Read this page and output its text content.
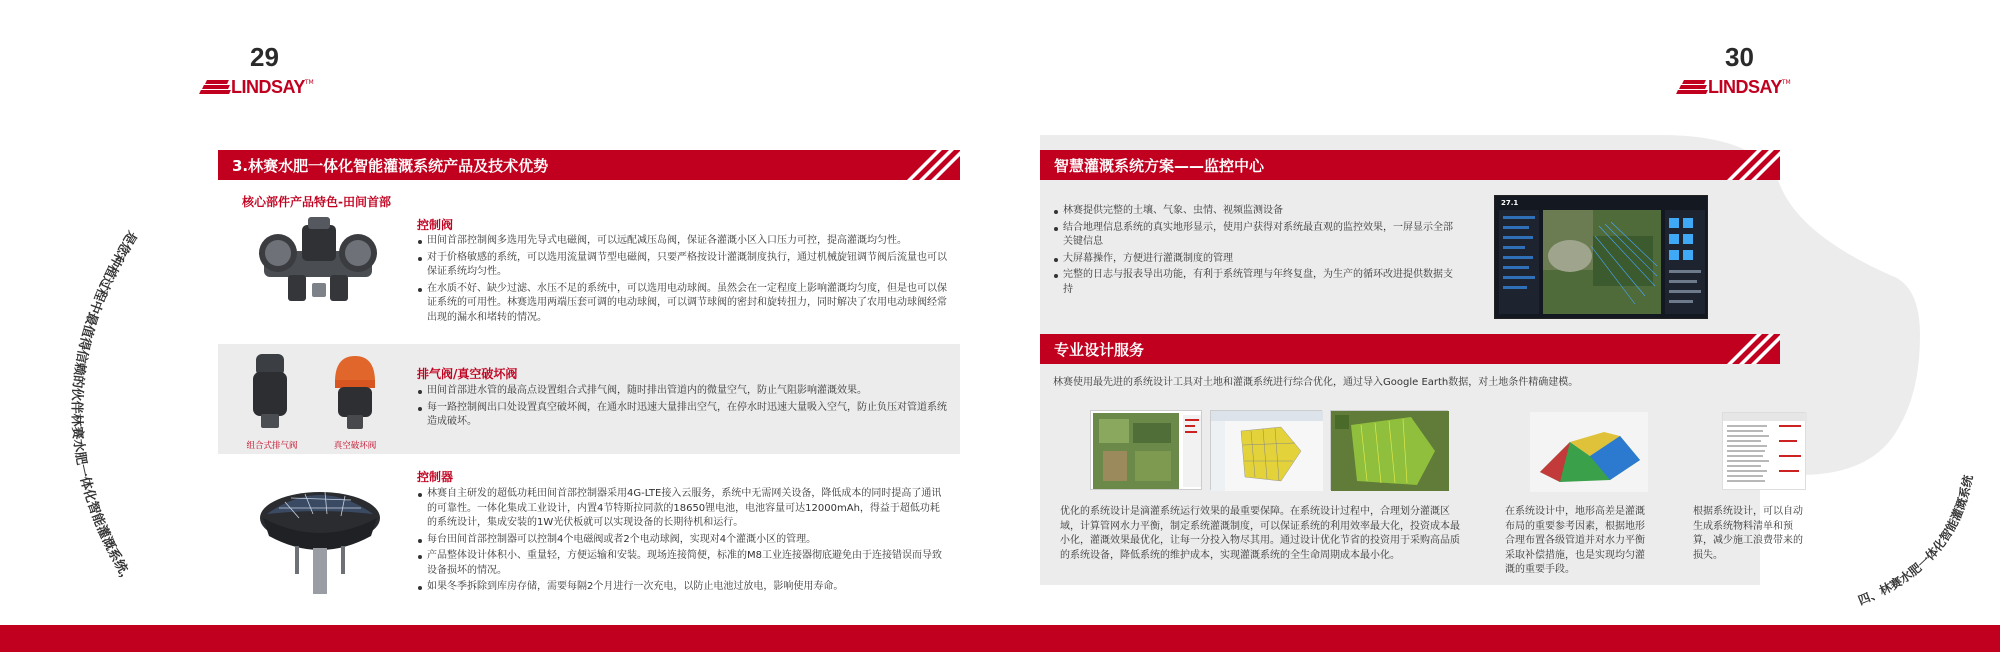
29
LINDSAY TM
是您种植过程中最值得信赖的伙伴林赛水肥一体化智能灌溉系统，
3.林赛水肥一体化智能灌溉系统产品及技术优势
核心部件产品特色-田间首部
控制阀
田间首部控制阀多选用先导式电磁阀，可以远配减压岛阀，保证各灌溉小区入口压力可控，提高灌溉均匀性。
对于价格敏感的系统，可以选用流量调节型电磁阀，只要严格按设计灌溉制度执行，通过机械旋钮调节阀后流量也可以保证系统均匀性。
在水质不好、缺少过滤、水压不足的系统中，可以选用电动球阀。虽然会在一定程度上影响灌溉均匀度，但是也可以保证系统的可用性。林赛选用两端压套可调的电动球阀，可以调节球阀的密封和旋转扭力，同时解决了农用电动球阀经常出现的漏水和堵转的情况。
组合式排气阀	真空破坏阀
排气阀/真空破坏阀
田间首部进水管的最高点设置组合式排气阀，随时排出管道内的微量空气，防止气阻影响灌溉效果。
每一路控制阀出口处设置真空破坏阀，在通水时迅速大量排出空气，在停水时迅速大量吸入空气，防止负压对管道系统造成破坏。
控制器
林赛自主研发的超低功耗田间首部控制器采用4G-LTE接入云服务，系统中无需网关设备，降低成本的同时提高了通讯的可靠性。一体化集成工业设计，内置4节特斯拉同款的18650锂电池，电池容量可达12000mAh，得益于超低功耗的系统设计，集成安装的1W光伏板就可以实现设备的长期待机和运行。
每台田间首部控制器可以控制4个电磁阀或者2个电动球阀，实现对4个灌溉小区的管理。
产品整体设计体积小、重量轻，方便运输和安装。现场连接简便，标准的M8工业连接器彻底避免由于连接错误而导致设备损坏的情况。
如果冬季拆除到库房存储，需要每隔2个月进行一次充电，以防止电池过放电，影响使用寿命。
30
LINDSAY TM
智慧灌溉系统方案——监控中心
林赛提供完整的土壤、气象、虫情、视频监测设备
结合地理信息系统的真实地形显示，使用户获得对系统最直观的监控效果，一屏显示全部关键信息
大屏幕操作，方便进行灌溉制度的管理
完整的日志与报表导出功能，有利于系统管理与年终复盘，为生产的循环改进提供数据支持
27.1
专业设计服务
林赛使用最先进的系统设计工具对土地和灌溉系统进行综合优化，通过导入Google Earth数据，对土地条件精确建模。
优化的系统设计是滴灌系统运行效果的最重要保障。在系统设计过程中，合理划分灌溉区域，计算管网水力平衡，制定系统灌溉制度，可以保证系统的利用效率最大化，投资成本最小化，灌溉效果最优化，让每一分投入物尽其用。通过设计优化节省的投资用于采购高品质的系统设备，降低系统的维护成本，实现灌溉系统的全生命周期成本最小化。
在系统设计中，地形高差是灌溉布局的重要参考因素，根据地形合理布置各级管道并对水力平衡采取补偿措施，也是实现均匀灌溉的重要手段。
根据系统设计，可以自动生成系统物料清单和预算，减少施工浪费带来的损失。
四、林赛水肥一体化智能灌溉系统
